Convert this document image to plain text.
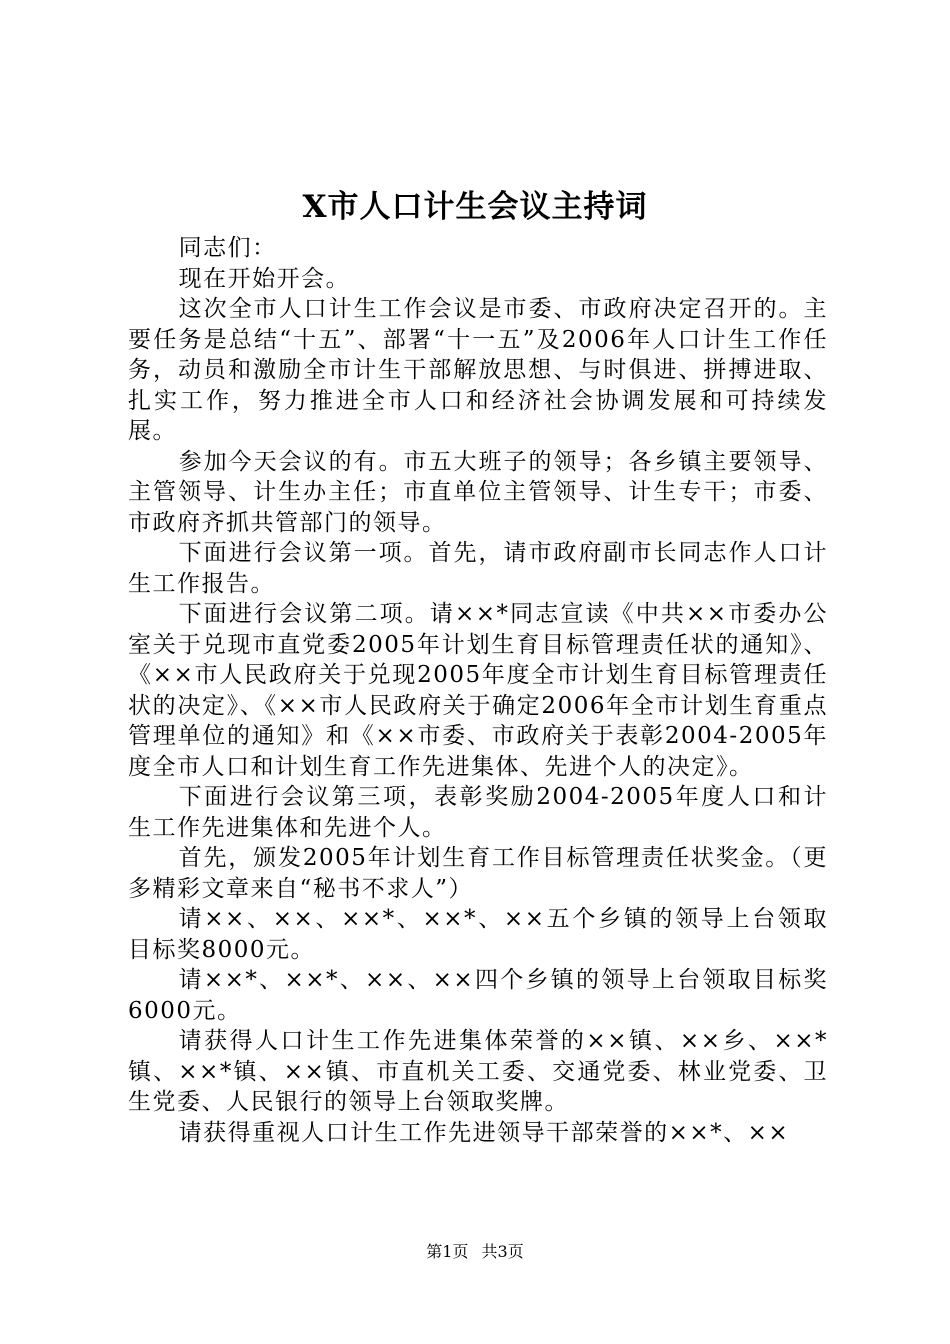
X市人口计生会议主持词

同志们：

现在开始开会。

这次全市人口计生工作会议是市委、市政府决定召开的。主要任务是总结“十五”、部署“十一五”及2006年人口计生工作任务，动员和激励全市计生干部解放思想、与时俱进、拼搏进取、扎实工作，努力推进全市人口和经济社会协调发展和可持续发展。

参加今天会议的有。市五大班子的领导；各乡镇主要领导、主管领导、计生办主任；市直单位主管领导、计生专干；市委、市政府齐抓共管部门的领导。

下面进行会议第一项。首先，请市政府副市长同志作人口计生工作报告。

下面进行会议第二项。请××*同志宣读《中共××市委办公室关于兑现市直党委2005年计划生育目标管理责任状的通知》、《××市人民政府关于兑现2005年度全市计划生育目标管理责任状的决定》、《××市人民政府关于确定2006年全市计划生育重点管理单位的通知》和《××市委、市政府关于表彰2004-2005年度全市人口和计划生育工作先进集体、先进个人的决定》。

下面进行会议第三项，表彰奖励2004-2005年度人口和计生工作先进集体和先进个人。

首先，颁发2005年计划生育工作目标管理责任状奖金。（更多精彩文章来自“秘书不求人”）

请××、××、××*、××*、××五个乡镇的领导上台领取目标奖8000元。

请××*、××*、××、××四个乡镇的领导上台领取目标奖6000元。

请获得人口计生工作先进集体荣誉的××镇、××乡、××*镇、××*镇、××镇、市直机关工委、交通党委、林业党委、卫生党委、人民银行的领导上台领取奖牌。

请获得重视人口计生工作先进领导干部荣誉的××*、××

第1页 共3页
